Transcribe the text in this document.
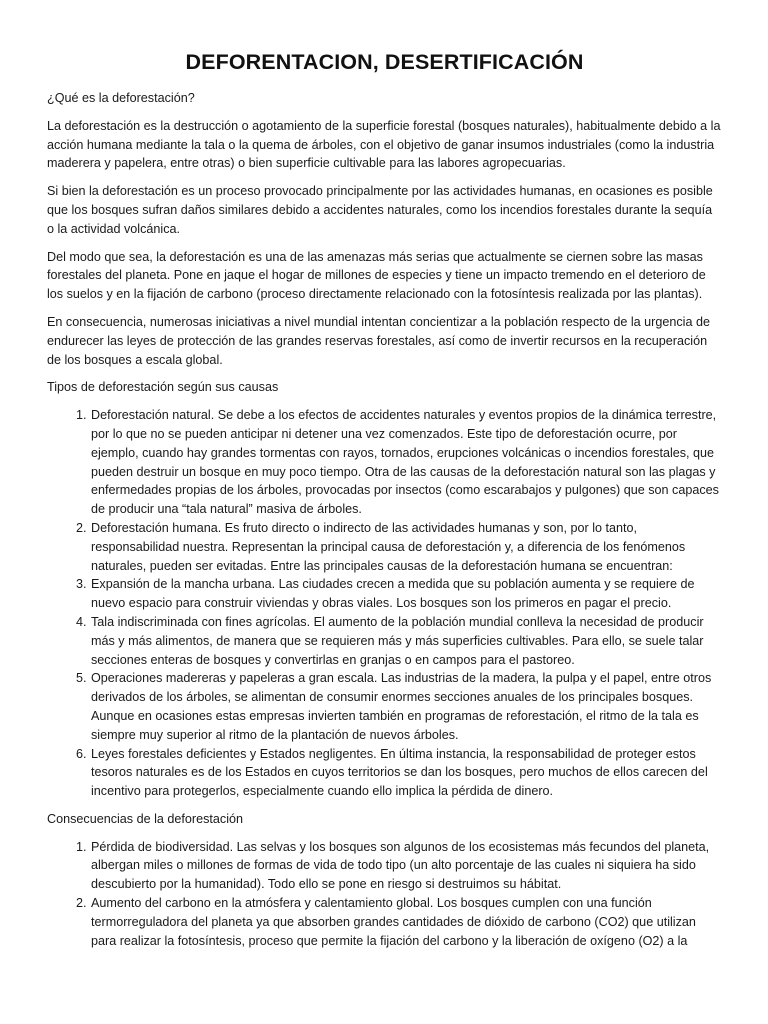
DEFORENTACION, DESERTIFICACIÓN

¿Qué es la deforestación?

La deforestación es la destrucción o agotamiento de la superficie forestal (bosques naturales), habitualmente debido a la acción humana mediante la tala o la quema de árboles, con el objetivo de ganar insumos industriales (como la industria maderera y papelera, entre otras) o bien superficie cultivable para las labores agropecuarias.

Si bien la deforestación es un proceso provocado principalmente por las actividades humanas, en ocasiones es posible que los bosques sufran daños similares debido a accidentes naturales, como los incendios forestales durante la sequía o la actividad volcánica.

Del modo que sea, la deforestación es una de las amenazas más serias que actualmente se ciernen sobre las masas forestales del planeta. Pone en jaque el hogar de millones de especies y tiene un impacto tremendo en el deterioro de los suelos y en la fijación de carbono (proceso directamente relacionado con la fotosíntesis realizada por las plantas).

En consecuencia, numerosas iniciativas a nivel mundial intentan concientizar a la población respecto de la urgencia de endurecer las leyes de protección de las grandes reservas forestales, así como de invertir recursos en la recuperación de los bosques a escala global.

Tipos de deforestación según sus causas

1. Deforestación natural. Se debe a los efectos de accidentes naturales y eventos propios de la dinámica terrestre, por lo que no se pueden anticipar ni detener una vez comenzados. Este tipo de deforestación ocurre, por ejemplo, cuando hay grandes tormentas con rayos, tornados, erupciones volcánicas o incendios forestales, que pueden destruir un bosque en muy poco tiempo. Otra de las causas de la deforestación natural son las plagas y enfermedades propias de los árboles, provocadas por insectos (como escarabajos y pulgones) que son capaces de producir una “tala natural” masiva de árboles.
2. Deforestación humana. Es fruto directo o indirecto de las actividades humanas y son, por lo tanto, responsabilidad nuestra. Representan la principal causa de deforestación y, a diferencia de los fenómenos naturales, pueden ser evitadas. Entre las principales causas de la deforestación humana se encuentran:
3. Expansión de la mancha urbana. Las ciudades crecen a medida que su población aumenta y se requiere de nuevo espacio para construir viviendas y obras viales. Los bosques son los primeros en pagar el precio.
4. Tala indiscriminada con fines agrícolas. El aumento de la población mundial conlleva la necesidad de producir más y más alimentos, de manera que se requieren más y más superficies cultivables. Para ello, se suele talar secciones enteras de bosques y convertirlas en granjas o en campos para el pastoreo.
5. Operaciones madereras y papeleras a gran escala. Las industrias de la madera, la pulpa y el papel, entre otros derivados de los árboles, se alimentan de consumir enormes secciones anuales de los principales bosques. Aunque en ocasiones estas empresas invierten también en programas de reforestación, el ritmo de la tala es siempre muy superior al ritmo de la plantación de nuevos árboles.
6. Leyes forestales deficientes y Estados negligentes. En última instancia, la responsabilidad de proteger estos tesoros naturales es de los Estados en cuyos territorios se dan los bosques, pero muchos de ellos carecen del incentivo para protegerlos, especialmente cuando ello implica la pérdida de dinero.

Consecuencias de la deforestación

1. Pérdida de biodiversidad. Las selvas y los bosques son algunos de los ecosistemas más fecundos del planeta, albergan miles o millones de formas de vida de todo tipo (un alto porcentaje de las cuales ni siquiera ha sido descubierto por la humanidad). Todo ello se pone en riesgo si destruimos su hábitat.
2. Aumento del carbono en la atmósfera y calentamiento global. Los bosques cumplen con una función termorreguladora del planeta ya que absorben grandes cantidades de dióxido de carbono (CO2) que utilizan para realizar la fotosíntesis, proceso que permite la fijación del carbono y la liberación de oxígeno (O2) a la
